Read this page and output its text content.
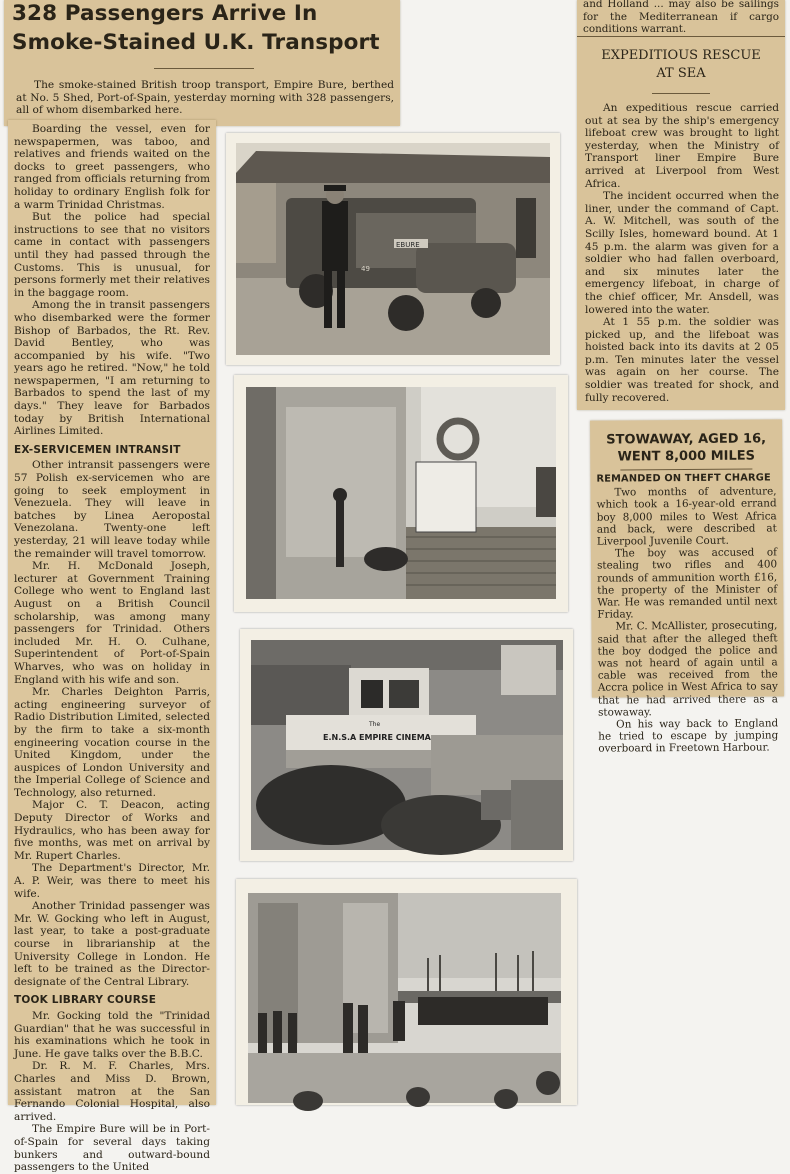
328 Passengers Arrive In
Smoke-Stained U.K. Transport

The smoke-stained British troop transport, Empire Bure, berthed at No. 5 Shed, Port-of-Spain, yesterday morning with 328 passengers, all of whom disembarked here.

Boarding the vessel, even for newspapermen, was taboo, and relatives and friends waited on the docks to greet passengers, who ranged from officials returning from holiday to ordinary English folk for a warm Trinidad Christmas.

But the police had special instructions to see that no visitors came in contact with passengers until they had passed through the Customs. This is unusual, for persons formerly met their relatives in the baggage room.

Among the in transit passengers who disembarked were the former Bishop of Barbados, the Rt. Rev. David Bentley, who was accompanied by his wife. "Two years ago he retired. "Now," he told newspapermen, "I am returning to Barbados to spend the last of my days." They leave for Barbados today by British International Airlines Limited.

EX-SERVICEMEN INTRANSIT

Other intransit passengers were 57 Polish ex-servicemen who are going to seek employment in Venezuela. They will leave in batches by Linea Aeropostal Venezolana. Twenty-one left yesterday, 21 will leave today while the remainder will travel tomorrow.

Mr. H. McDonald Joseph, lecturer at Government Training College who went to England last August on a British Council scholarship, was among many passengers for Trinidad. Others included Mr. H. O. Culhane, Superintendent of Port-of-Spain Wharves, who was on holiday in England with his wife and son.

Mr. Charles Deighton Parris, acting engineering surveyor of Radio Distribution Limited, selected by the firm to take a six-month engineering vocation course in the United Kingdom, under the auspices of London University and the Imperial College of Science and Technology, also returned.

Major C. T. Deacon, acting Deputy Director of Works and Hydraulics, who has been away for five months, was met on arrival by Mr. Rupert Charles.

The Department's Director, Mr. A. P. Weir, was there to meet his wife.

Another Trinidad passenger was Mr. W. Gocking who left in August, last year, to take a post-graduate course in librarianship at the University College in London. He left to be trained as the Director-designate of the Central Library.

TOOK LIBRARY COURSE

Mr. Gocking told the "Trinidad Guardian" that he was successful in his examinations which he took in June. He gave talks over the B.B.C.

Dr. R. M. F. Charles, Mrs. Charles and Miss D. Brown, assistant matron at the San Fernando Colonial Hospital, also arrived.

The Empire Bure will be in Port-of-Spain for several days taking bunkers and outward-bound passengers to the United

and Holland ... may also be sailings for the Mediterranean if cargo conditions warrant.

EXPEDITIOUS RESCUE
AT SEA

An expeditious rescue carried out at sea by the ship's emergency lifeboat crew was brought to light yesterday, when the Ministry of Transport liner Empire Bure arrived at Liverpool from West Africa.

The incident occurred when the liner, under the command of Capt. A. W. Mitchell, was south of the Scilly Isles, homeward bound. At 1 45 p.m. the alarm was given for a soldier who had fallen overboard, and six minutes later the emergency lifeboat, in charge of the chief officer, Mr. Ansdell, was lowered into the water.

At 1 55 p.m. the soldier was picked up, and the lifeboat was hoisted back into its davits at 2 05 p.m. Ten minutes later the vessel was again on her course. The soldier was treated for shock, and fully recovered.

STOWAWAY, AGED 16,
WENT 8,000 MILES
REMANDED ON THEFT CHARGE

Two months of adventure, which took a 16-year-old errand boy 8,000 miles to West Africa and back, were described at Liverpool Juvenile Court.

The boy was accused of stealing two rifles and 400 rounds of ammunition worth £16, the property of the Minister of War. He was remanded until next Friday.

Mr. C. McAllister, prosecuting, said that after the alleged theft the boy dodged the police and was not heard of again until a cable was received from the Accra police in West Africa to say that he had arrived there as a stowaway.

On his way back to England he tried to escape by jumping overboard in Freetown Harbour.

EBURE
49
The
E.N.S.A EMPIRE CINEMA
